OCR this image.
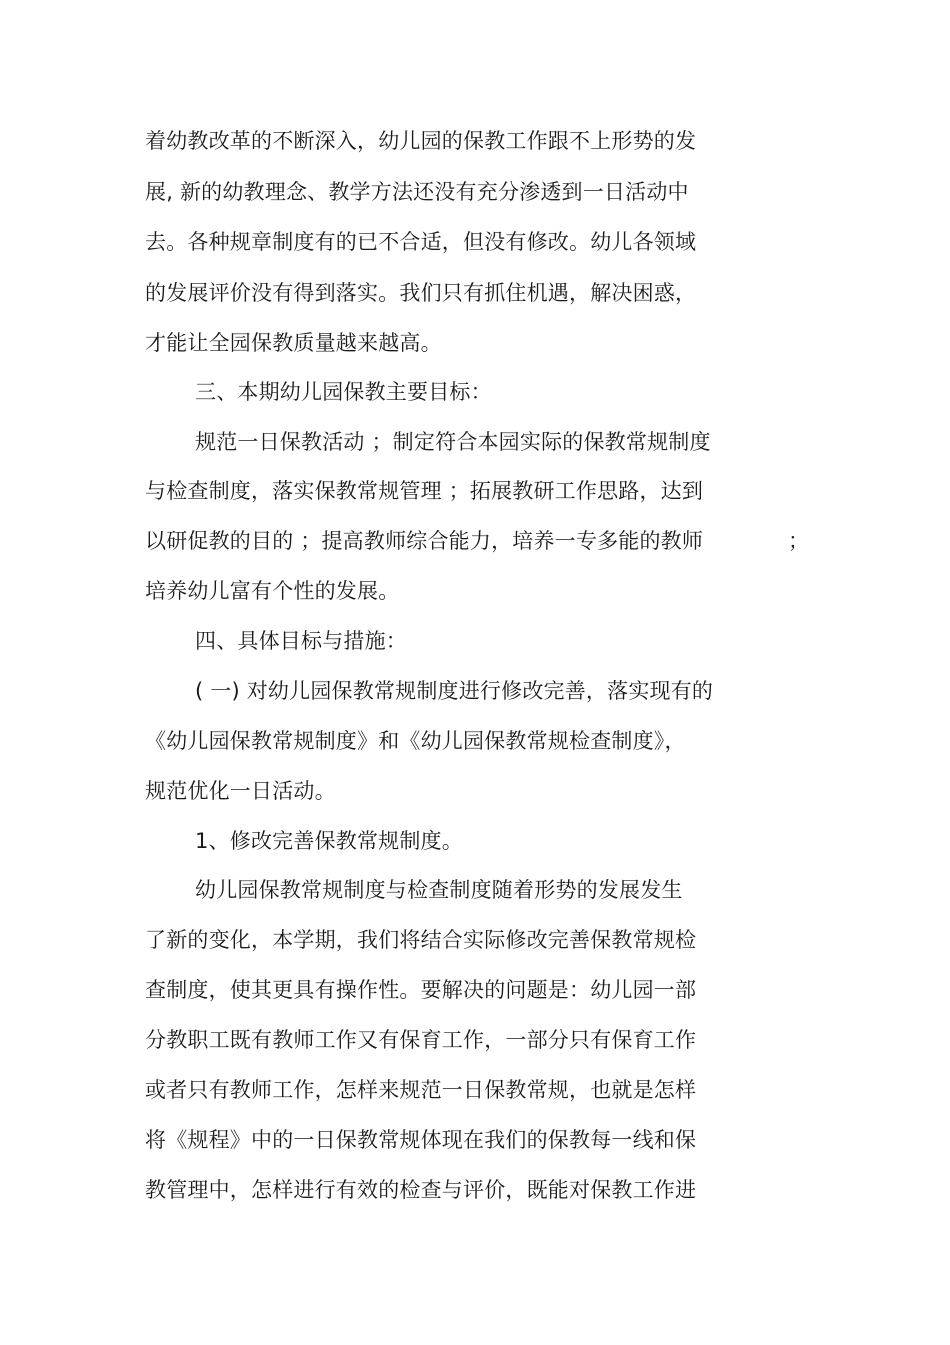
着幼教改革的不断深入，幼儿园的保教工作跟不上形势的发
展, 新的幼教理念、教学方法还没有充分渗透到一日活动中
去。各种规章制度有的已不合适，但没有修改。幼儿各领域
的发展评价没有得到落实。我们只有抓住机遇，解决困惑，
才能让全园保教质量越来越高。
三、本期幼儿园保教主要目标：
规范一日保教活动 ；制定符合本园实际的保教常规制度
与检查制度，落实保教常规管理 ；拓展教研工作思路，达到
以研促教的目的 ；提高教师综合能力，培养一专多能的教师	；
培养幼儿富有个性的发展。
四、具体目标与措施：
( 一) 对幼儿园保教常规制度进行修改完善，落实现有的
《幼儿园保教常规制度》和《幼儿园保教常规检查制度》，
规范优化一日活动。
1、修改完善保教常规制度。
幼儿园保教常规制度与检查制度随着形势的发展发生
了新的变化，本学期，我们将结合实际修改完善保教常规检
查制度，使其更具有操作性。要解决的问题是：幼儿园一部
分教职工既有教师工作又有保育工作，一部分只有保育工作
或者只有教师工作，怎样来规范一日保教常规，也就是怎样
将《规程》中的一日保教常规体现在我们的保教每一线和保
教管理中，怎样进行有效的检查与评价，既能对保教工作进
